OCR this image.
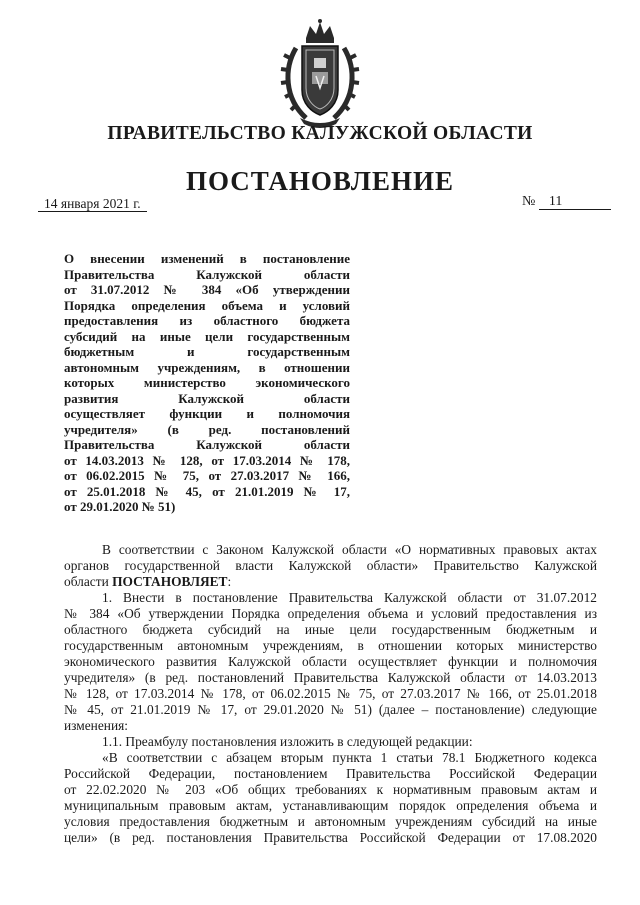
ПРАВИТЕЛЬСТВО КАЛУЖСКОЙ ОБЛАСТИ
ПОСТАНОВЛЕНИЕ
14 января 2021 г.	№ 11
О внесении изменений в постановление
Правительства Калужской области
от 31.07.2012 № 384 «Об утверждении
Порядка определения объема и условий
предоставления из областного бюджета
субсидий на иные цели государственным
бюджетным и государственным
автономным учреждениям, в отношении
которых министерство экономического
развития Калужской области
осуществляет функции и полномочия
учредителя» (в ред. постановлений
Правительства Калужской области
от 14.03.2013 № 128, от 17.03.2014 № 178,
от 06.02.2015 № 75, от 27.03.2017 № 166,
от 25.01.2018 № 45, от 21.01.2019 № 17,
от 29.01.2020 № 51)

В соответствии с Законом Калужской области «О нормативных правовых актах

органов государственной власти Калужской области» Правительство Калужской
области ПОСТАНОВЛЯЕТ:

1. Внести в постановление Правительства Калужской области от 31.07.2012

№ 384 «Об утверждении Порядка определения объема и условий предоставления из
областного бюджета субсидий на иные цели государственным бюджетным и
государственным автономным учреждениям, в отношении которых министерство
экономического развития Калужской области осуществляет функции и полномочия
учредителя» (в ред. постановлений Правительства Калужской области от 14.03.2013
№ 128, от 17.03.2014 № 178, от 06.02.2015 № 75, от 27.03.2017 № 166, от 25.01.2018
№ 45, от 21.01.2019 № 17, от 29.01.2020 № 51) (далее – постановление) следующие
изменения:

1.1. Преамбулу постановления изложить в следующей редакции:

«В соответствии с абзацем вторым пункта 1 статьи 78.1 Бюджетного кодекса

Российской Федерации, постановлением Правительства Российской Федерации
от 22.02.2020 № 203 «Об общих требованиях к нормативным правовым актам и
муниципальным правовым актам, устанавливающим порядок определения объема и
условия предоставления бюджетным и автономным учреждениям субсидий на иные
цели» (в ред. постановления Правительства Российской Федерации от 17.08.2020
